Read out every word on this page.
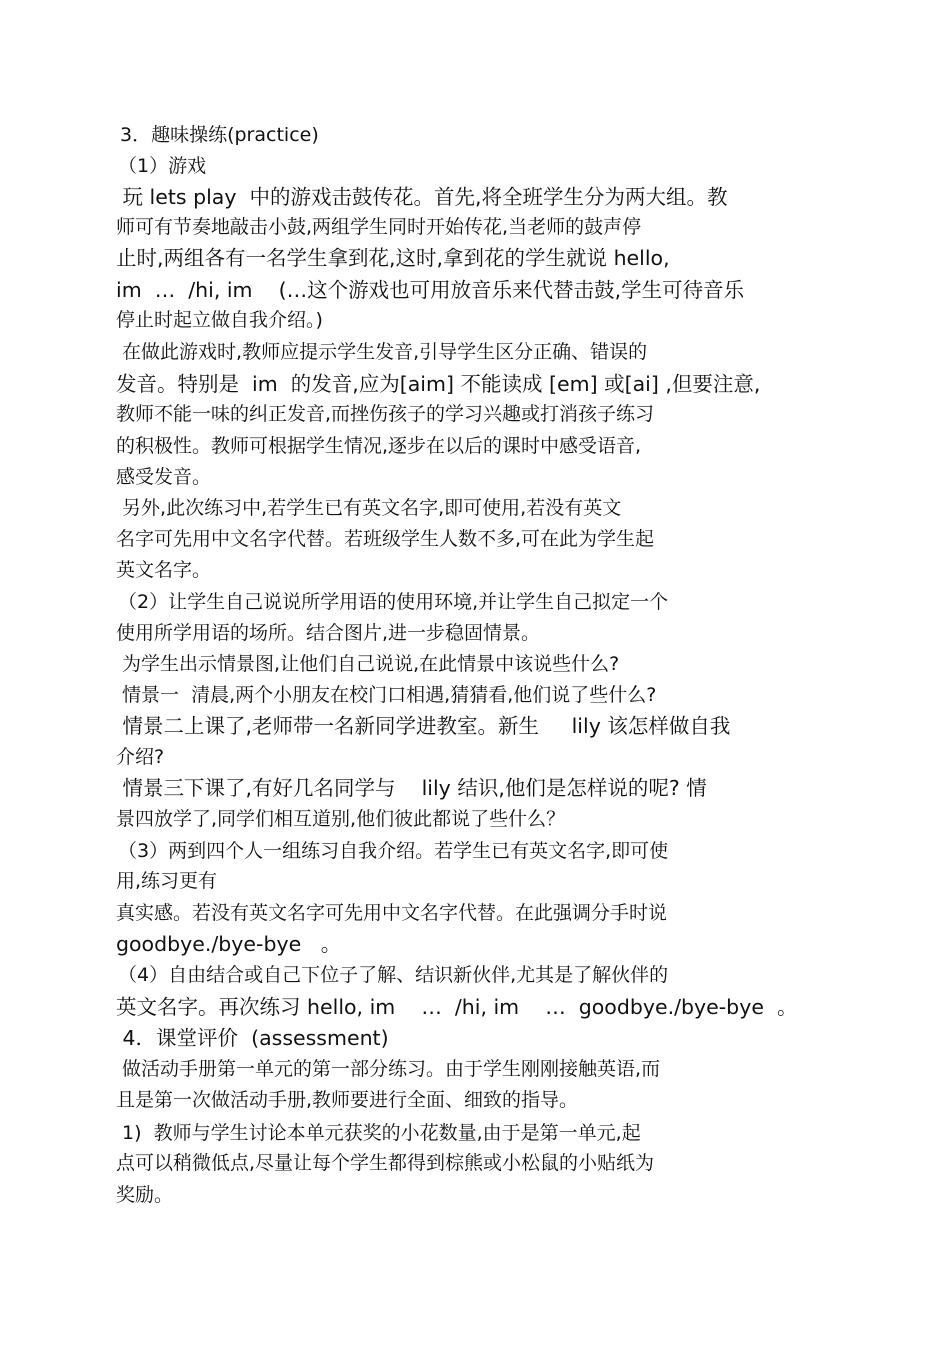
3．趣味操练(practice)
（1）游戏
玩 lets play  中的游戏击鼓传花。首先,将全班学生分为两大组。教
师可有节奏地敲击小鼓,两组学生同时开始传花,当老师的鼓声停
止时,两组各有一名学生拿到花,这时,拿到花的学生就说 hello,
im  …  /hi, im    (…这个游戏也可用放音乐来代替击鼓,学生可待音乐
停止时起立做自我介绍。)
在做此游戏时,教师应提示学生发音,引导学生区分正确、错误的
发音。特别是  im  的发音,应为[aim] 不能读成 [em] 或[ai] ,但要注意,
教师不能一味的纠正发音,而挫伤孩子的学习兴趣或打消孩子练习
的积极性。教师可根据学生情况,逐步在以后的课时中感受语音,
感受发音。
另外,此次练习中,若学生已有英文名字,即可使用,若没有英文
名字可先用中文名字代替。若班级学生人数不多,可在此为学生起
英文名字。
（2）让学生自己说说所学用语的使用环境,并让学生自己拟定一个
使用所学用语的场所。结合图片,进一步稳固情景。
为学生出示情景图,让他们自己说说,在此情景中该说些什么?
情景一  清晨,两个小朋友在校门口相遇,猜猜看,他们说了些什么?
情景二上课了,老师带一名新同学进教室。新生     lily 该怎样做自我
介绍?
情景三下课了,有好几名同学与    lily 结识,他们是怎样说的呢? 情
景四放学了,同学们相互道别,他们彼此都说了些什么？
（3）两到四个人一组练习自我介绍。若学生已有英文名字,即可使
用,练习更有
真实感。若没有英文名字可先用中文名字代替。在此强调分手时说
goodbye./bye-bye   。
（4）自由结合或自己下位子了解、结识新伙伴,尤其是了解伙伴的
英文名字。再次练习 hello, im    …  /hi, im    …  goodbye./bye-bye  。
4．课堂评价  (assessment)
做活动手册第一单元的第一部分练习。由于学生刚刚接触英语,而
且是第一次做活动手册,教师要进行全面、细致的指导。
1)  教师与学生讨论本单元获奖的小花数量,由于是第一单元,起
点可以稍微低点,尽量让每个学生都得到棕熊或小松鼠的小贴纸为
奖励。
